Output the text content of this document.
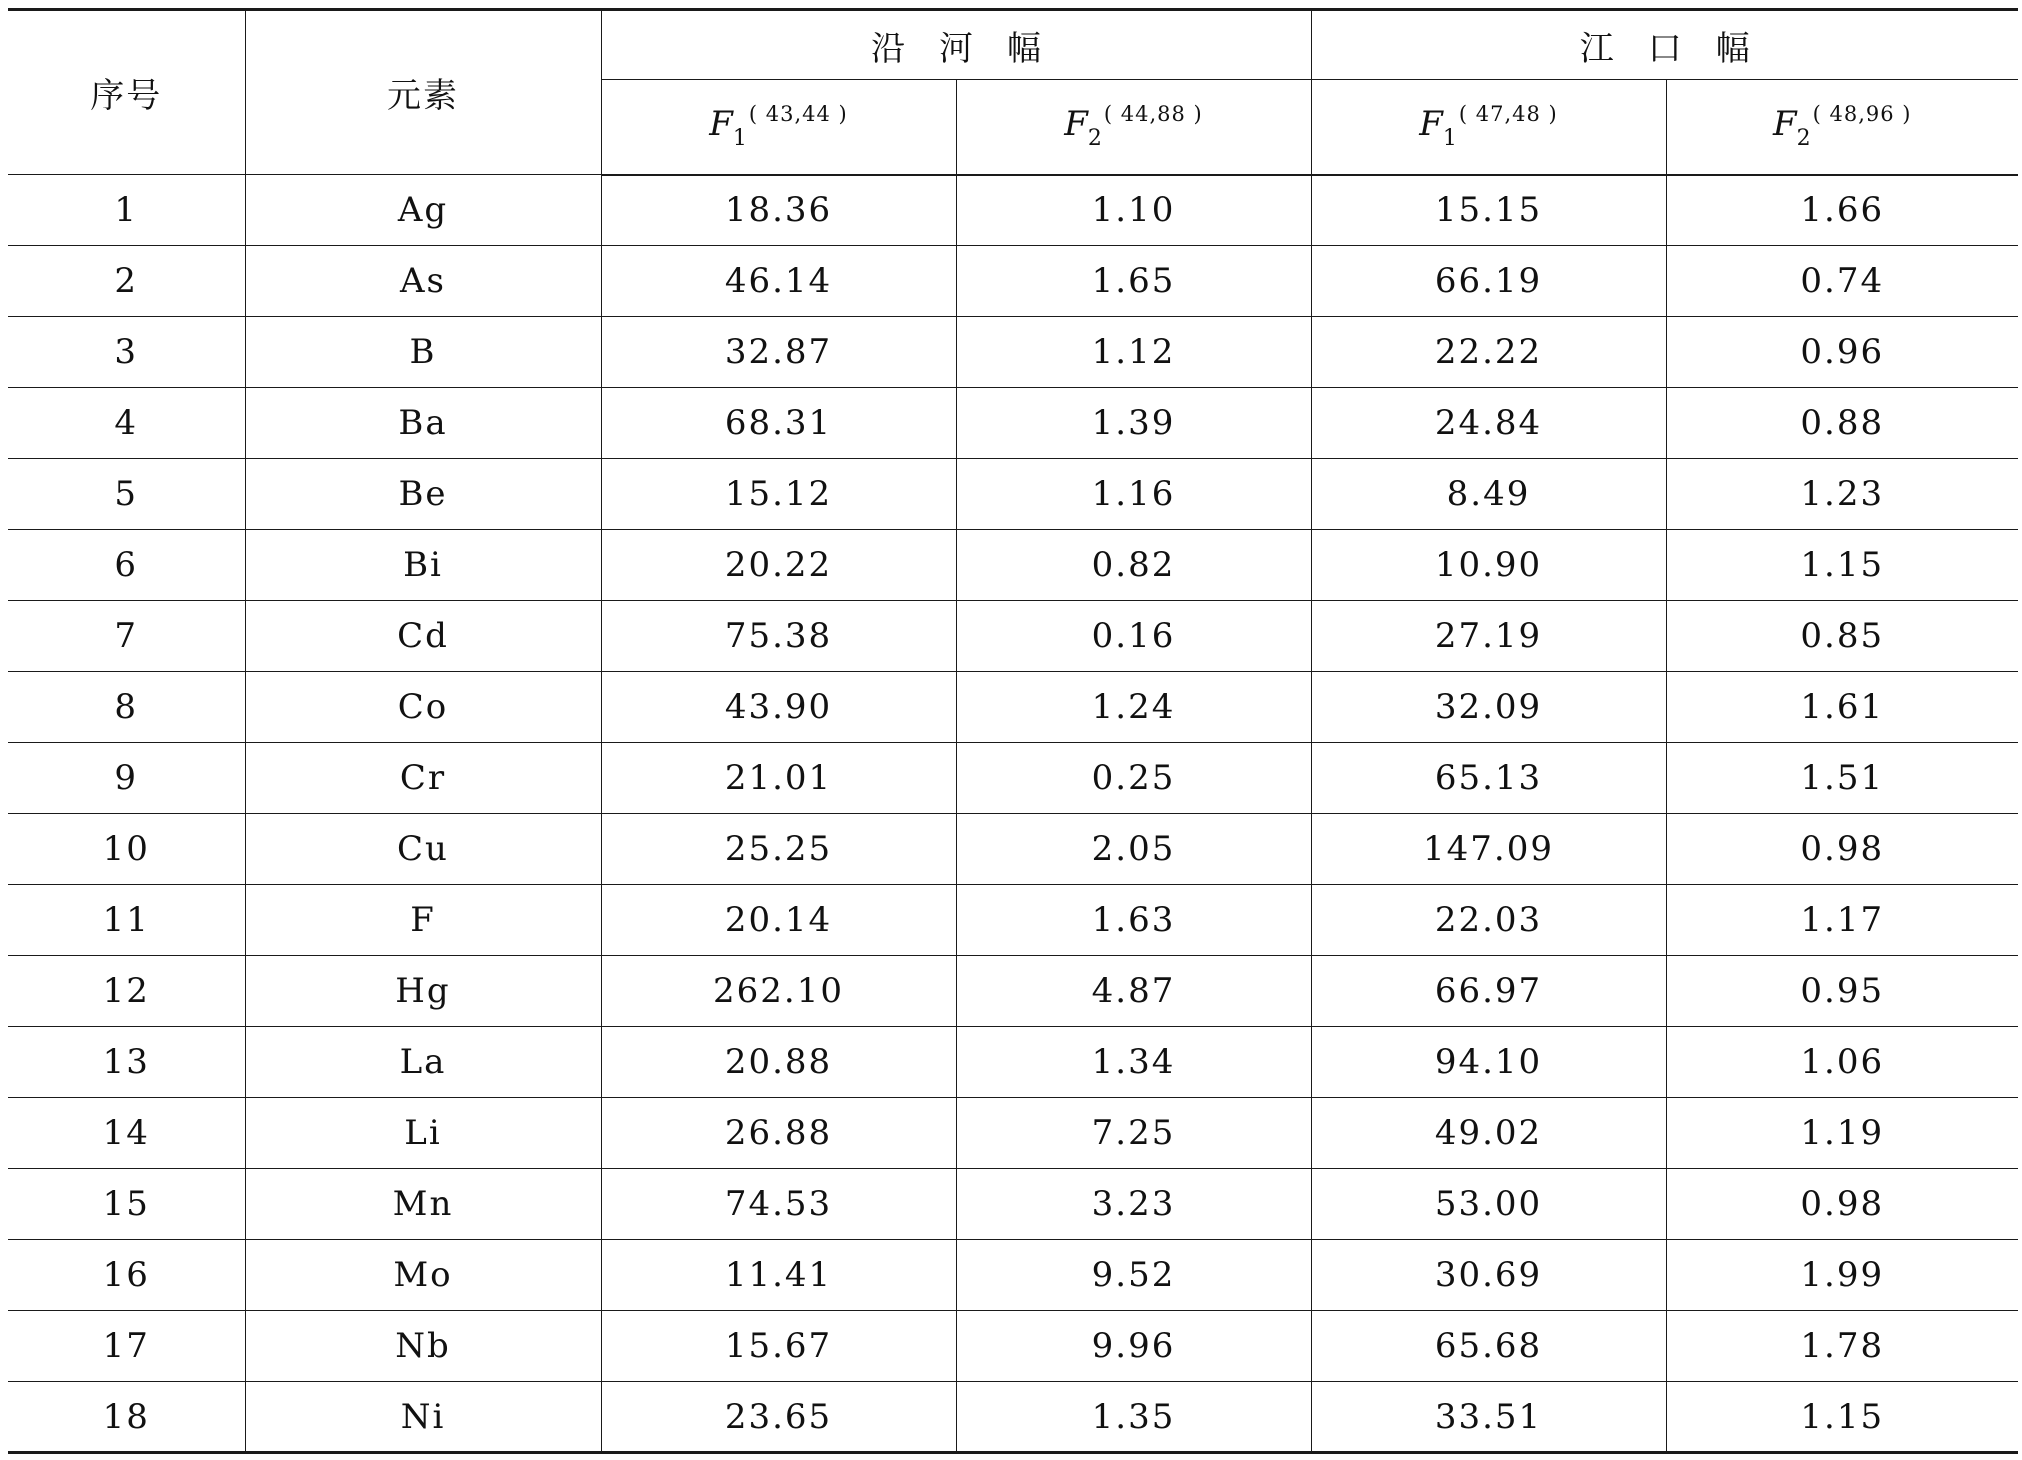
序号	元素	沿河幅		江口幅	
		F1( 43,44 )	F2( 44,88 )	F1( 47,48 )	F2( 48,96 )
1	Ag	18.36	1.10	15.15	1.66
2	As	46.14	1.65	66.19	0.74
3	B	32.87	1.12	22.22	0.96
4	Ba	68.31	1.39	24.84	0.88
5	Be	15.12	1.16	8.49	1.23
6	Bi	20.22	0.82	10.90	1.15
7	Cd	75.38	0.16	27.19	0.85
8	Co	43.90	1.24	32.09	1.61
9	Cr	21.01	0.25	65.13	1.51
10	Cu	25.25	2.05	147.09	0.98
11	F	20.14	1.63	22.03	1.17
12	Hg	262.10	4.87	66.97	0.95
13	La	20.88	1.34	94.10	1.06
14	Li	26.88	7.25	49.02	1.19
15	Mn	74.53	3.23	53.00	0.98
16	Mo	11.41	9.52	30.69	1.99
17	Nb	15.67	9.96	65.68	1.78
18	Ni	23.65	1.35	33.51	1.15
